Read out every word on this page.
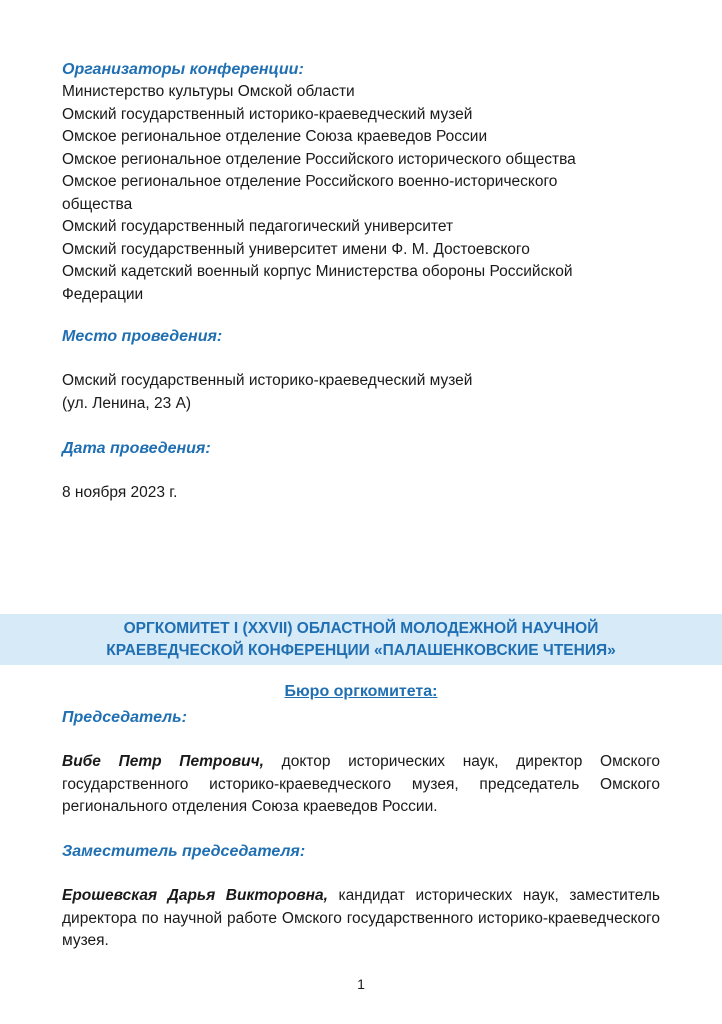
Организаторы конференции:
Министерство культуры Омской области
Омский государственный историко-краеведческий музей
Омское региональное отделение Союза краеведов России
Омское региональное отделение Российского исторического общества
Омское региональное отделение Российского военно-исторического
общества
Омский государственный педагогический университет
Омский государственный университет имени Ф. М. Достоевского
Омский кадетский военный корпус Министерства обороны Российской
Федерации
Место проведения:
Омский государственный историко-краеведческий музей
(ул. Ленина, 23 А)
Дата проведения:
8 ноября 2023 г.
ОРГКОМИТЕТ I (XXVII) ОБЛАСТНОЙ МОЛОДЕЖНОЙ НАУЧНОЙ
КРАЕВЕДЧЕСКОЙ КОНФЕРЕНЦИИ «ПАЛАШЕНКОВСКИЕ ЧТЕНИЯ»
Бюро оргкомитета:
Председатель:
Вибе Петр Петрович, доктор исторических наук, директор Омского государственного историко-краеведческого музея, председатель Омского регионального отделения Союза краеведов России.
Заместитель председателя:
Ерошевская Дарья Викторовна, кандидат исторических наук, заместитель директора по научной работе Омского государственного историко-краеведческого музея.
1
